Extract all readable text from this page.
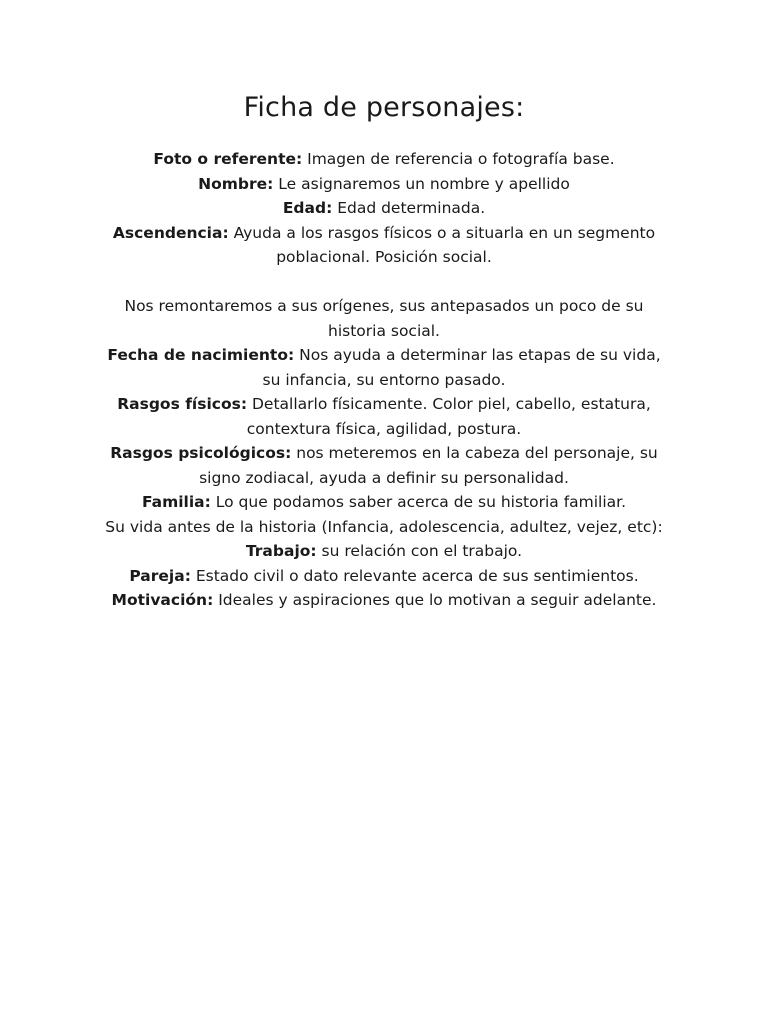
Ficha de personajes:

Foto o referente: Imagen de referencia o fotografía base.

Nombre: Le asignaremos un nombre y apellido

Edad: Edad determinada.

Ascendencia: Ayuda a los rasgos físicos o a situarla en un segmento poblacional. Posición social.

Nos remontaremos a sus orígenes, sus antepasados un poco de su historia social.

Fecha de nacimiento: Nos ayuda a determinar las etapas de su vida, su infancia, su entorno pasado.

Rasgos físicos: Detallarlo físicamente. Color piel, cabello, estatura, contextura física, agilidad, postura.

Rasgos psicológicos: nos meteremos en la cabeza del personaje, su signo zodiacal, ayuda a definir su personalidad.

Familia: Lo que podamos saber acerca de su historia familiar.

Su vida antes de la historia (Infancia, adolescencia, adultez, vejez, etc):

Trabajo: su relación con el trabajo.

Pareja: Estado civil o dato relevante acerca de sus sentimientos.

Motivación: Ideales y aspiraciones que lo motivan a seguir adelante.
